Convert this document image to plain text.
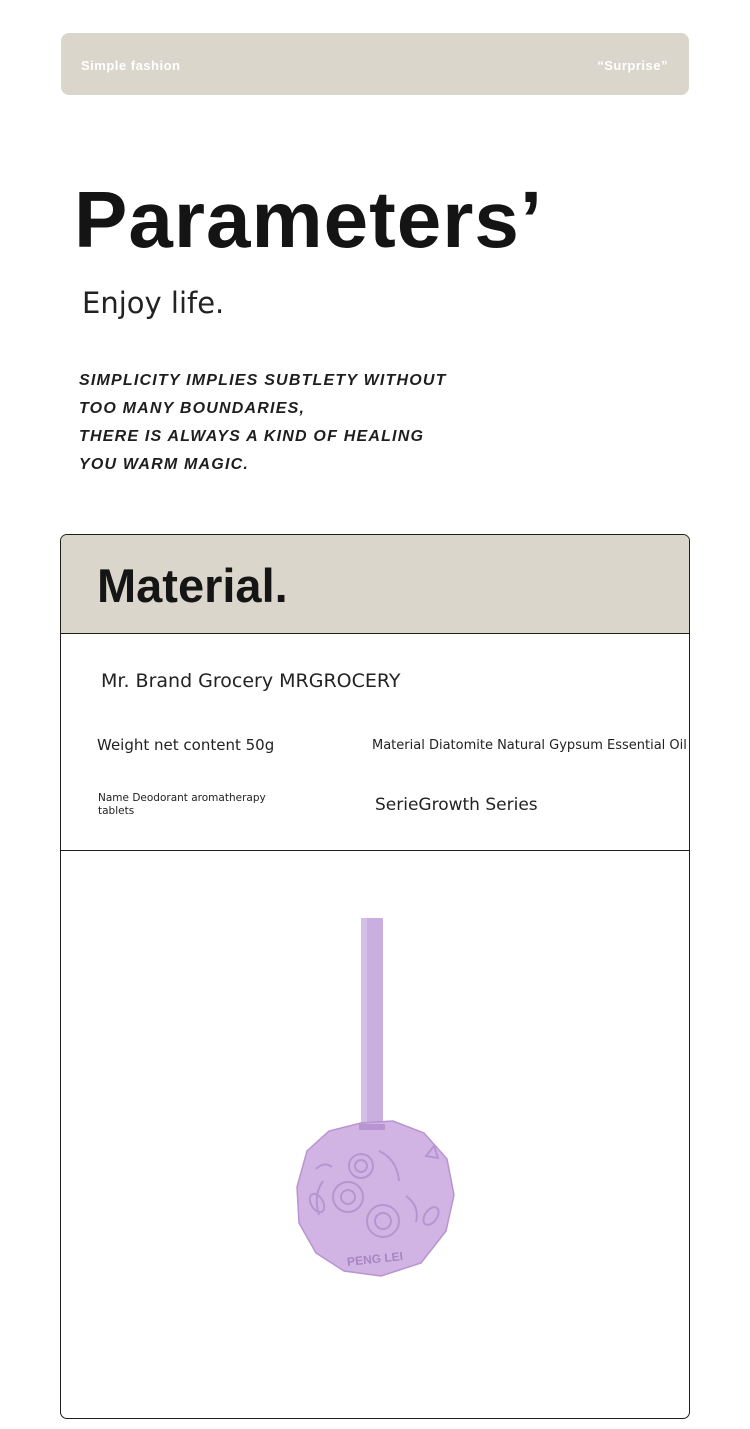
Simple fashion	“Surprise”
Parameters’
Enjoy life.
SIMPLICITY IMPLIES SUBTLETY WITHOUT
TOO MANY BOUNDARIES,
THERE IS ALWAYS A KIND OF HEALING
YOU WARM MAGIC.
Material.
Mr. Brand Grocery MRGROCERY
Weight net content 50g	Material Diatomite Natural Gypsum Essential Oil
Name Deodorant aromatherapy tablets	SerieGrowth Series
PENG LEI
